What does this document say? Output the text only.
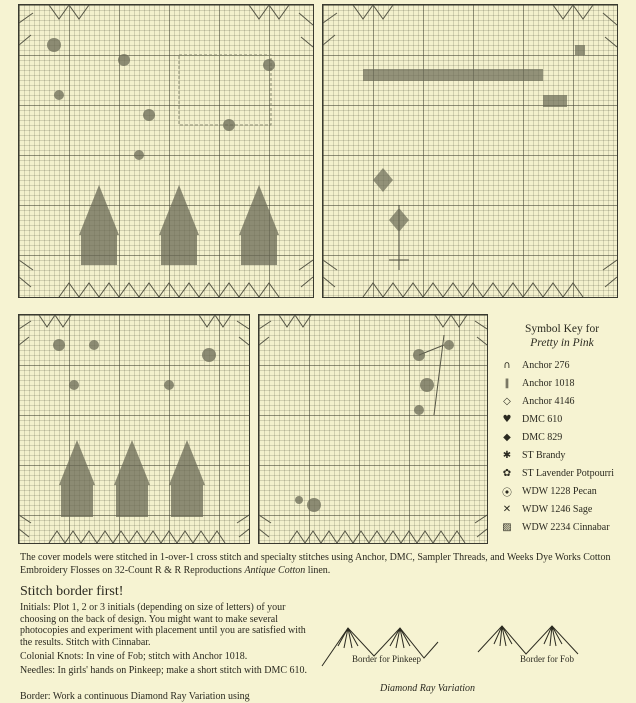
Symbol Key for
Pretty in Pink
∩	Anchor 276
‖	Anchor 1018
◇	Anchor 4146
♥	DMC 610
◆	DMC 829
✱	ST Brandy
✿	ST Lavender Potpourri
⦿	WDW 1228 Pecan
✕	WDW 1246 Sage
▨	WDW 2234 Cinnabar
The cover models were stitched in 1-over-1 cross stitch and specialty stitches using Anchor, DMC, Sampler Threads, and Weeks Dye Works Cotton Embroidery Flosses on 32-Count R & R Reproductions Antique Cotton linen.
Stitch border first!
Initials: Plot 1, 2 or 3 initials (depending on size of letters) of your choosing on the back of design. You might want to make several photocopies and experiment with placement until you are satisfied with the results. Stitch with Cinnabar.
Colonial Knots: In vine of Fob; stitch with Anchor 1018.
Needles: In girls' hands on Pinkeep; make a short stitch with DMC 610.
Border: Work a continuous Diamond Ray Variation using
Border for Pinkeep	Border for Fob
Diamond Ray Variation
